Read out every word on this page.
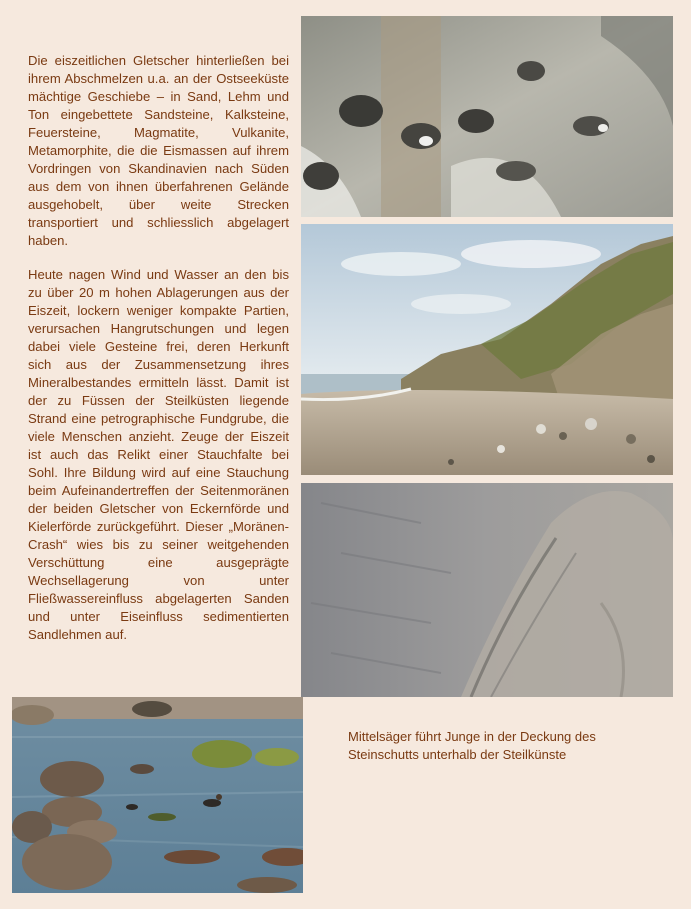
Die eiszeitlichen Gletscher hinterließen bei ihrem Abschmelzen u.a. an der Ostseeküste mächtige Geschiebe – in Sand, Lehm und Ton eingebettete Sandsteine, Kalksteine, Feuersteine, Magmatite, Vulkanite, Metamorphite, die die Eismassen auf ihrem Vordringen von Skandinavien nach Süden aus dem von ihnen überfahrenen Gelände ausgehobelt, über weite Strecken transportiert und schliesslich abgelagert haben.

Heute nagen Wind und Wasser an den bis zu über 20 m hohen Ablagerungen aus der Eiszeit, lockern weniger kompakte Partien, verursachen Hangrutschungen und legen dabei viele Gesteine frei, deren Herkunft sich aus der Zusammensetzung ihres Mineralbestandes ermitteln lässt. Damit ist der zu Füssen der Steilküsten liegende Strand eine petrographische Fundgrube, die viele Menschen anzieht. Zeuge der Eiszeit ist auch das Relikt einer Stauchfalte bei Sohl. Ihre Bildung wird auf eine Stauchung beim Aufeinandertreffen der Seitenmoränen der beiden Gletscher von Eckernförde und Kielerförde zurückgeführt. Dieser „Moränen-Crash“ wies bis zu seiner weitgehenden Verschüttung eine ausgeprägte Wechsellagerung von unter Fließwassereinfluss abgelagerten Sanden und unter Eiseinfluss sedimentierten Sandlehmen auf.

Mittelsäger führt Junge in der Deckung des Steinschutts unterhalb der Steilkünste
